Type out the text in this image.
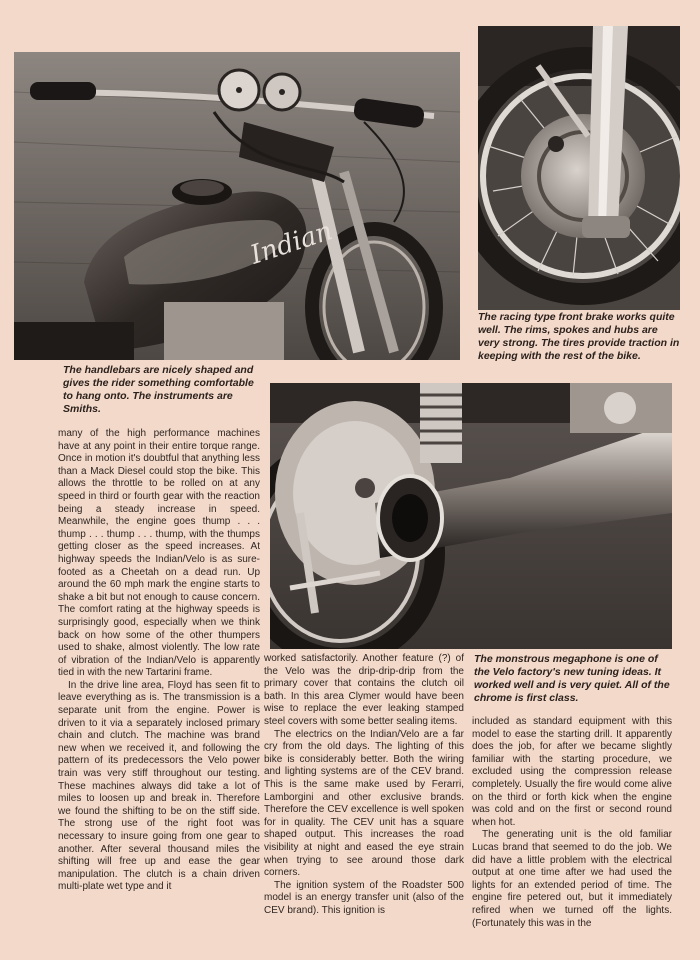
Indian

The handlebars are nicely shaped and gives the rider something comfortable to hang onto. The instruments are Smiths.

The racing type front brake works quite well. The rims, spokes and hubs are very strong. The tires provide traction in keeping with the rest of the bike.

The monstrous megaphone is one of the Velo factory's new tuning ideas. It worked well and is very quiet. All of the chrome is first class.

many of the high performance machines have at any point in their entire torque range. Once in motion it's doubtful that anything less than a Mack Diesel could stop the bike. This allows the throttle to be rolled on at any speed in third or fourth gear with the reaction being a steady increase in speed. Meanwhile, the engine goes thump . . . thump . . . thump . . . thump, with the thumps getting closer as the speed increases. At highway speeds the Indian/Velo is as sure-footed as a Cheetah on a dead run. Up around the 60 mph mark the engine starts to shake a bit but not enough to cause concern. The comfort rating at the highway speeds is surprisingly good, especially when we think back on how some of the other thumpers used to shake, almost violently. The low rate of vibration of the Indian/Velo is apparently tied in with the new Tartarini frame.

In the drive line area, Floyd has seen fit to leave everything as is. The transmission is a separate unit from the engine. Power is driven to it via a separately inclosed primary chain and clutch. The machine was brand new when we received it, and following the pattern of its predecessors the Velo power train was very stiff throughout our testing. These machines always did take a lot of miles to loosen up and break in. Therefore we found the shifting to be on the stiff side. The strong use of the right foot was necessary to insure going from one gear to another. After several thousand miles the shifting will free up and ease the gear manipulation. The clutch is a chain driven multi-plate wet type and it

worked satisfactorily. Another feature (?) of the Velo was the drip-drip-drip from the primary cover that contains the clutch oil bath. In this area Clymer would have been wise to replace the ever leaking stamped steel covers with some better sealing items.

The electrics on the Indian/Velo are a far cry from the old days. The lighting of this bike is considerably better. Both the wiring and lighting systems are of the CEV brand. This is the same make used by Ferarri, Lamborgini and other exclusive brands. Therefore the CEV excellence is well spoken for in quality. The CEV unit has a square shaped output. This increases the road visibility at night and eased the eye strain when trying to see around those dark corners.

The ignition system of the Roadster 500 model is an energy transfer unit (also of the CEV brand). This ignition is

included as standard equipment with this model to ease the starting drill. It apparently does the job, for after we became slightly familiar with the starting procedure, we excluded using the compression release completely. Usually the fire would come alive on the third or forth kick when the engine was cold and on the first or second round when hot.

The generating unit is the old familiar Lucas brand that seemed to do the job. We did have a little problem with the electrical output at one time after we had used the lights for an extended period of time. The engine fire petered out, but it immediately refired when we turned off the lights. (Fortunately this was in the
